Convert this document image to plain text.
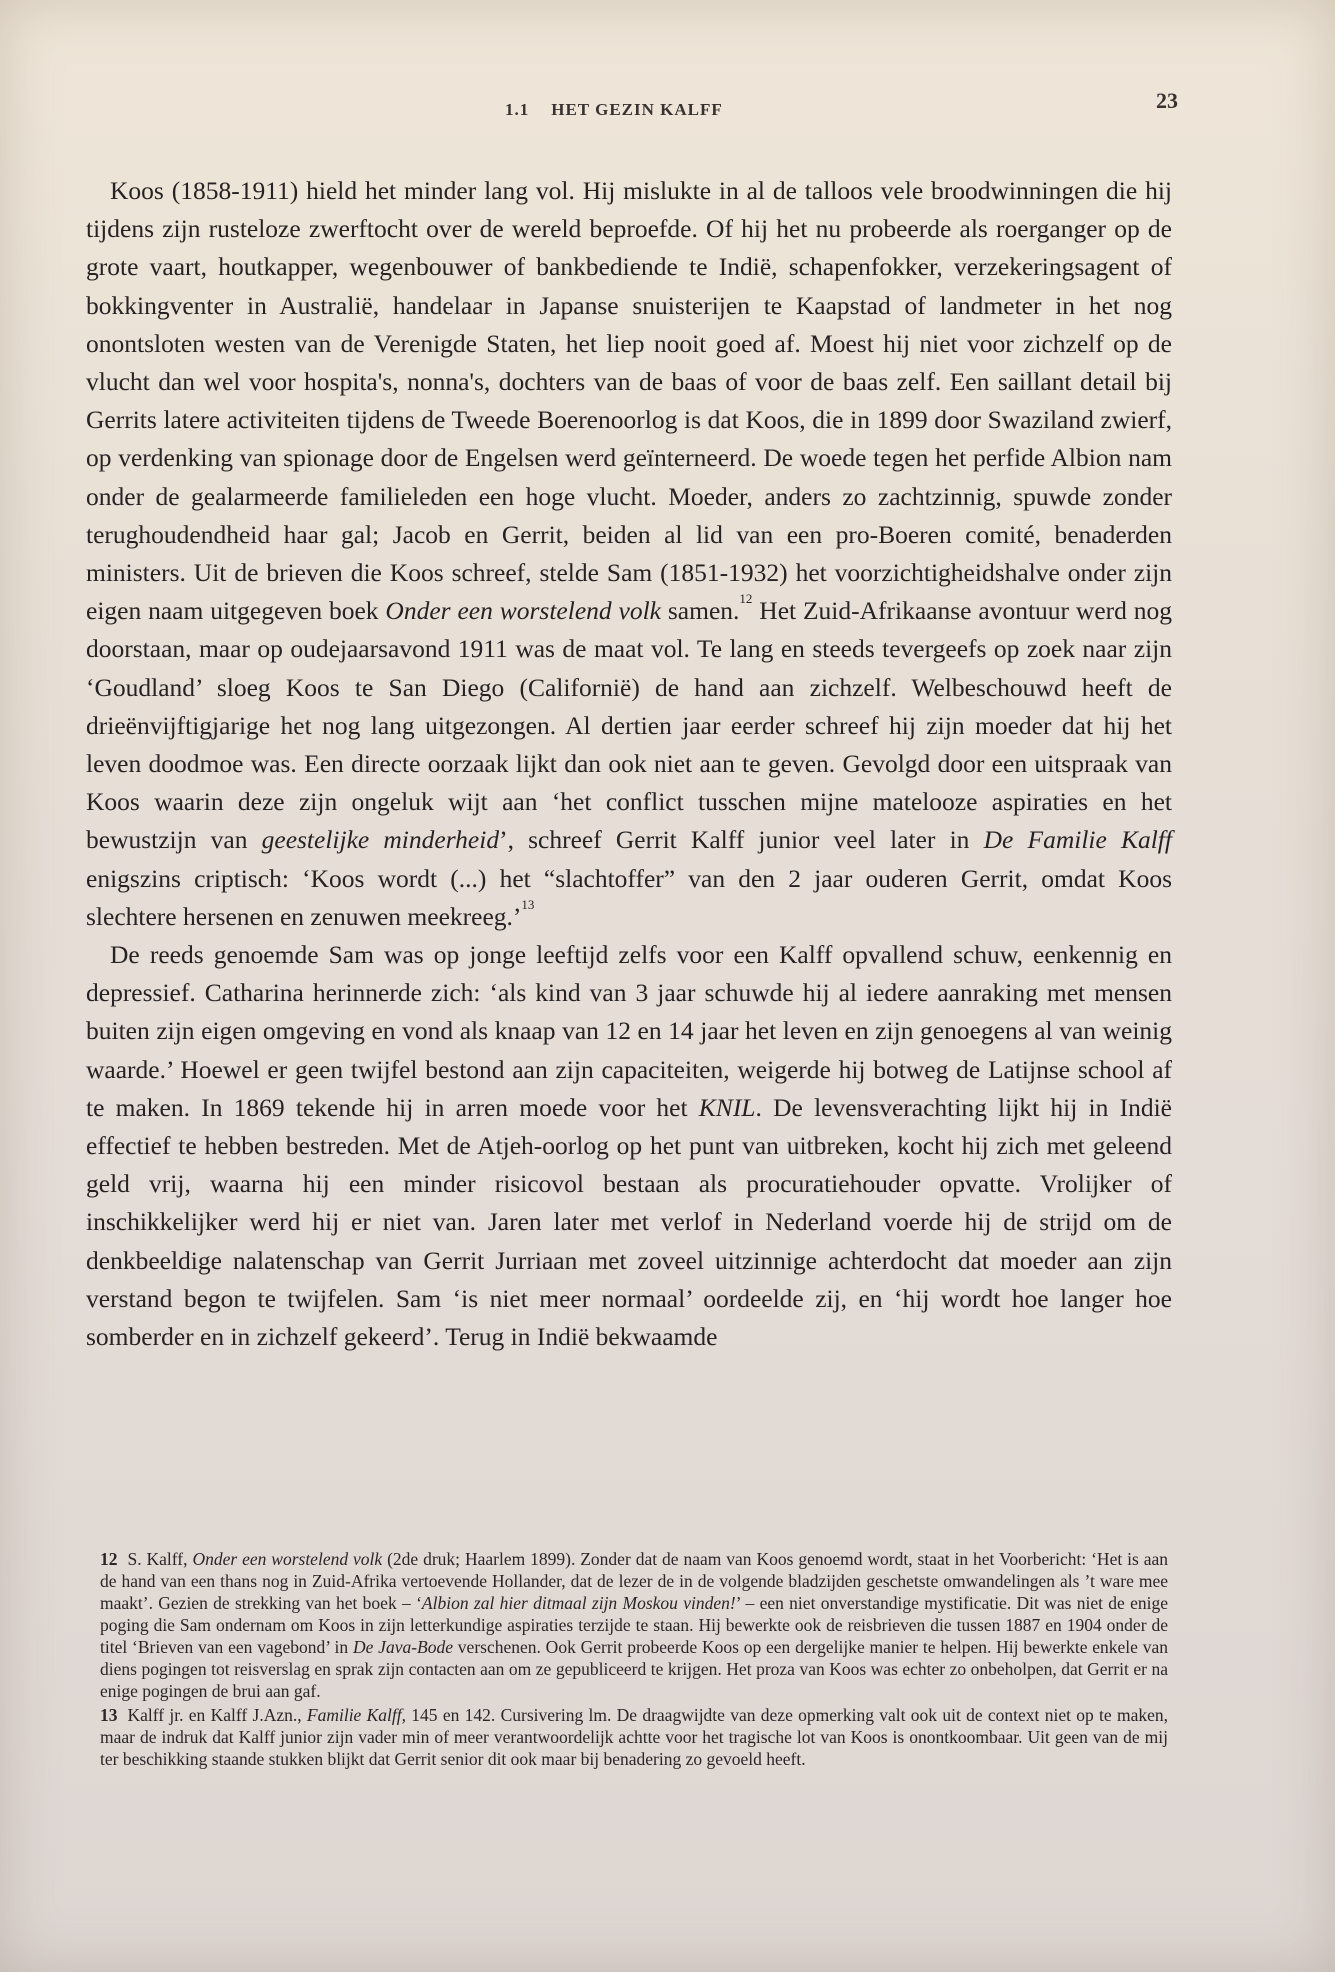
1.1 HET GEZIN KALFF	23

Koos (1858-1911) hield het minder lang vol. Hij mislukte in al de talloos vele broodwinningen die hij tijdens zijn rusteloze zwerftocht over de wereld beproefde. Of hij het nu probeerde als roerganger op de grote vaart, houtkapper, wegenbouwer of bankbediende te Indië, schapenfokker, verzekeringsagent of bokkingventer in Australië, handelaar in Japanse snuisterijen te Kaapstad of landmeter in het nog onontsloten westen van de Verenigde Staten, het liep nooit goed af. Moest hij niet voor zichzelf op de vlucht dan wel voor hospita's, nonna's, dochters van de baas of voor de baas zelf. Een saillant detail bij Gerrits latere activiteiten tijdens de Tweede Boerenoorlog is dat Koos, die in 1899 door Swaziland zwierf, op verdenking van spionage door de Engelsen werd geïnterneerd. De woede tegen het perfide Albion nam onder de gealarmeerde familieleden een hoge vlucht. Moeder, anders zo zachtzinnig, spuwde zonder terughoudendheid haar gal; Jacob en Gerrit, beiden al lid van een pro-Boeren comité, benaderden ministers. Uit de brieven die Koos schreef, stelde Sam (1851-1932) het voorzichtigheidshalve onder zijn eigen naam uitgegeven boek Onder een worstelend volk samen.$^{12}$ Het Zuid-Afrikaanse avontuur werd nog doorstaan, maar op oudejaarsavond 1911 was de maat vol. Te lang en steeds tevergeefs op zoek naar zijn ‘Goudland’ sloeg Koos te San Diego (Californië) de hand aan zichzelf. Welbeschouwd heeft de drieënvijftigjarige het nog lang uitgezongen. Al dertien jaar eerder schreef hij zijn moeder dat hij het leven doodmoe was. Een directe oorzaak lijkt dan ook niet aan te geven. Gevolgd door een uitspraak van Koos waarin deze zijn ongeluk wijt aan ‘het conflict tusschen mijne matelooze aspiraties en het bewustzijn van geestelijke minderheid’, schreef Gerrit Kalff junior veel later in De Familie Kalff enigszins criptisch: ‘Koos wordt (...) het “slachtoffer” van den 2 jaar ouderen Gerrit, omdat Koos slechtere hersenen en zenuwen meekreeg.’$^{13}$

De reeds genoemde Sam was op jonge leeftijd zelfs voor een Kalff opvallend schuw, eenkennig en depressief. Catharina herinnerde zich: ‘als kind van 3 jaar schuwde hij al iedere aanraking met mensen buiten zijn eigen omgeving en vond als knaap van 12 en 14 jaar het leven en zijn genoegens al van weinig waarde.’ Hoewel er geen twijfel bestond aan zijn capaciteiten, weigerde hij botweg de Latijnse school af te maken. In 1869 tekende hij in arren moede voor het KNIL. De levensverachting lijkt hij in Indië effectief te hebben bestreden. Met de Atjeh-oorlog op het punt van uitbreken, kocht hij zich met geleend geld vrij, waarna hij een minder risicovol bestaan als procuratiehouder opvatte. Vrolijker of inschikkelijker werd hij er niet van. Jaren later met verlof in Nederland voerde hij de strijd om de denkbeeldige nalatenschap van Gerrit Jurriaan met zoveel uitzinnige achterdocht dat moeder aan zijn verstand begon te twijfelen. Sam ‘is niet meer normaal’ oordeelde zij, en ‘hij wordt hoe langer hoe somberder en in zichzelf gekeerd’. Terug in Indië bekwaamde

12 S. Kalff, Onder een worstelend volk (2de druk; Haarlem 1899). Zonder dat de naam van Koos genoemd wordt, staat in het Voorbericht: ‘Het is aan de hand van een thans nog in Zuid-Afrika vertoevende Hollander, dat de lezer de in de volgende bladzijden geschetste omwandelingen als ’t ware mee maakt’. Gezien de strekking van het boek – ‘Albion zal hier ditmaal zijn Moskou vinden!’ – een niet onverstandige mystificatie. Dit was niet de enige poging die Sam ondernam om Koos in zijn letterkundige aspiraties terzijde te staan. Hij bewerkte ook de reisbrieven die tussen 1887 en 1904 onder de titel ‘Brieven van een vagebond’ in De Java-Bode verschenen. Ook Gerrit probeerde Koos op een dergelijke manier te helpen. Hij bewerkte enkele van diens pogingen tot reisverslag en sprak zijn contacten aan om ze gepubliceerd te krijgen. Het proza van Koos was echter zo onbeholpen, dat Gerrit er na enige pogingen de brui aan gaf.

13 Kalff jr. en Kalff J.Azn., Familie Kalff, 145 en 142. Cursivering lm. De draagwijdte van deze opmerking valt ook uit de context niet op te maken, maar de indruk dat Kalff junior zijn vader min of meer verantwoordelijk achtte voor het tragische lot van Koos is onontkoombaar. Uit geen van de mij ter beschikking staande stukken blijkt dat Gerrit senior dit ook maar bij benadering zo gevoeld heeft.
